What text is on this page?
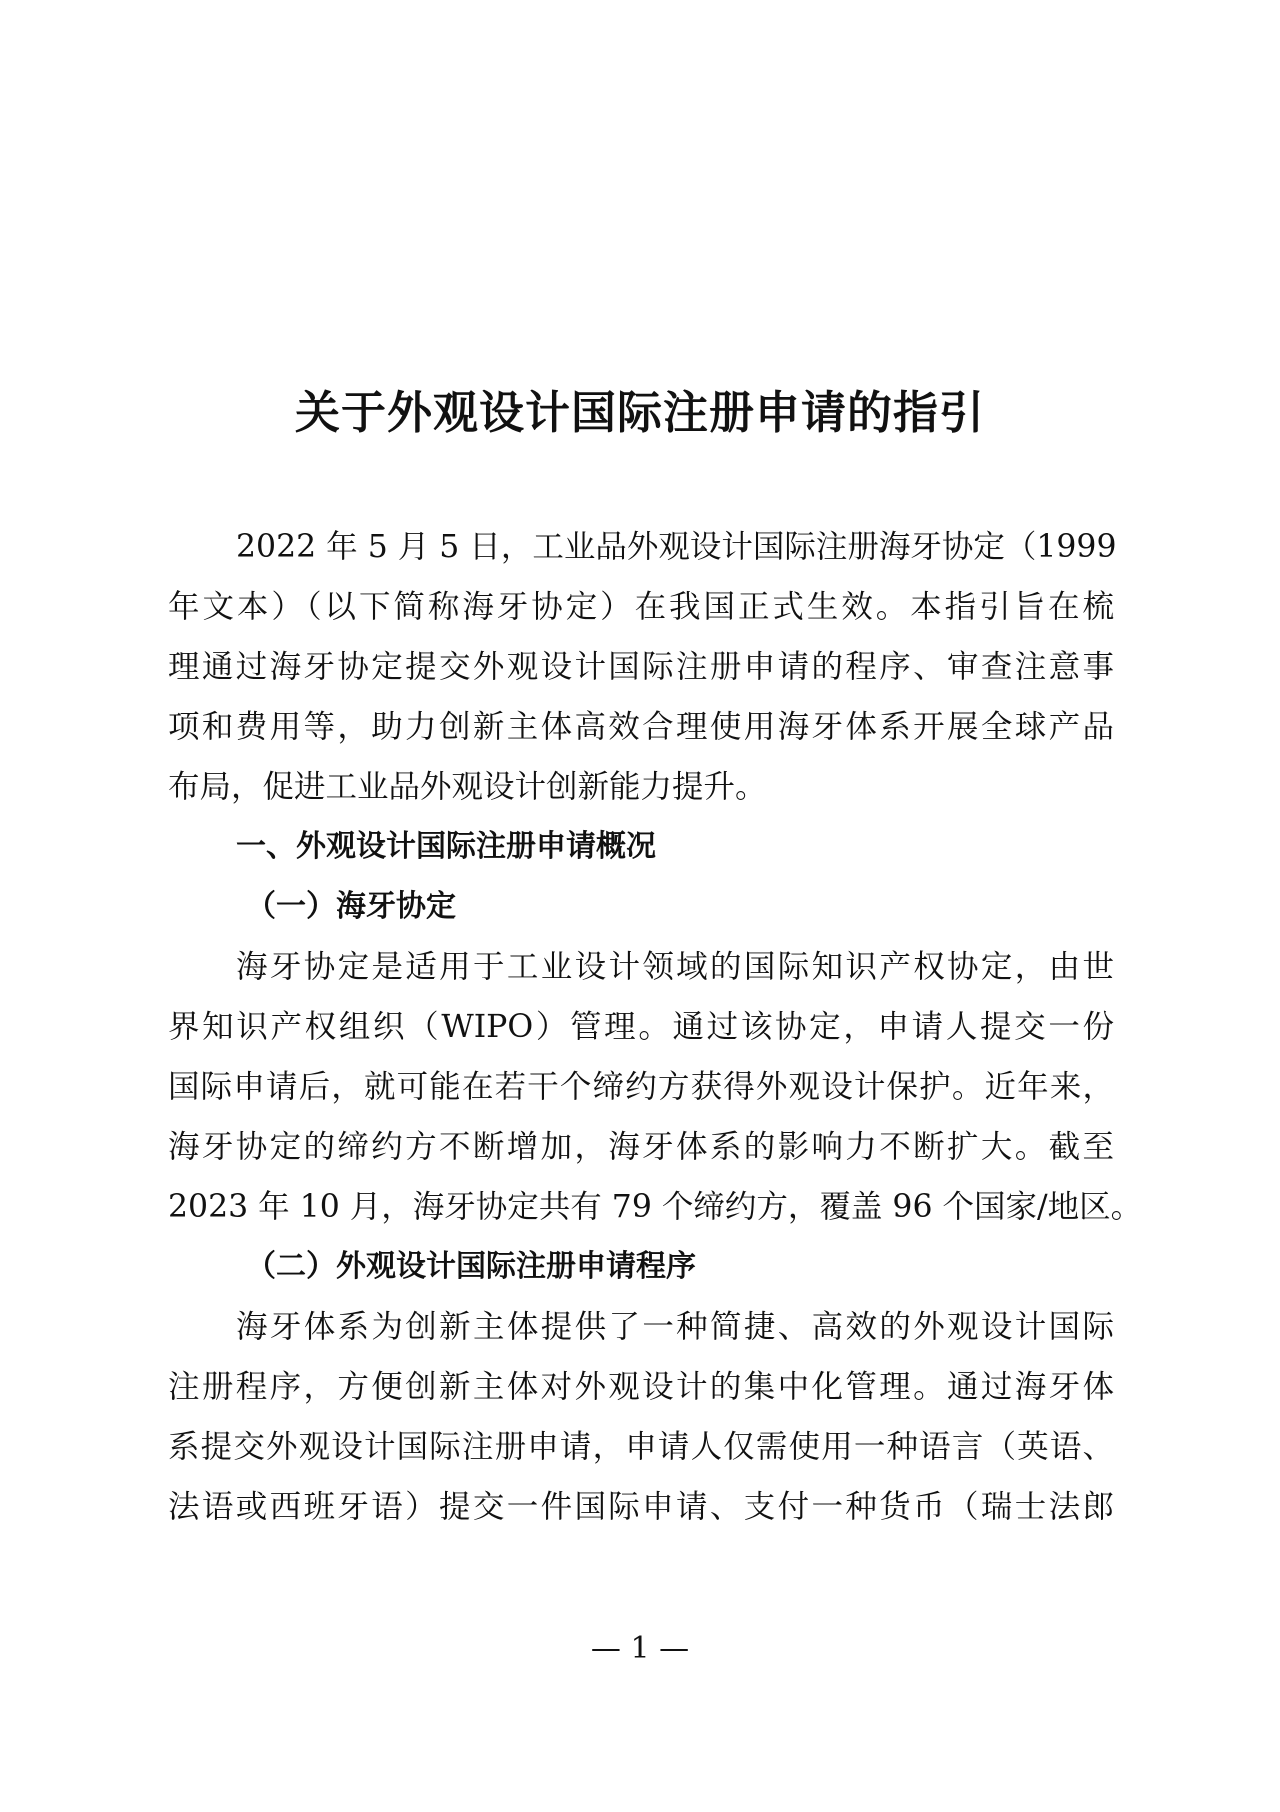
关于外观设计国际注册申请的指引
2022 年 5 月 5 日，工业品外观设计国际注册海牙协定（1999
年文本）（以下简称海牙协定）在我国正式生效。本指引旨在梳
理通过海牙协定提交外观设计国际注册申请的程序、审查注意事
项和费用等，助力创新主体高效合理使用海牙体系开展全球产品
布局，促进工业品外观设计创新能力提升。
一、外观设计国际注册申请概况
（一）海牙协定
海牙协定是适用于工业设计领域的国际知识产权协定，由世
界知识产权组织（WIPO）管理。通过该协定，申请人提交一份
国际申请后，就可能在若干个缔约方获得外观设计保护。近年来，
海牙协定的缔约方不断增加，海牙体系的影响力不断扩大。截至
2023 年 10 月，海牙协定共有 79 个缔约方，覆盖 96 个国家/地区。
（二）外观设计国际注册申请程序
海牙体系为创新主体提供了一种简捷、高效的外观设计国际
注册程序，方便创新主体对外观设计的集中化管理。通过海牙体
系提交外观设计国际注册申请，申请人仅需使用一种语言（英语、
法语或西班牙语）提交一件国际申请、支付一种货币（瑞士法郎
— 1 —
